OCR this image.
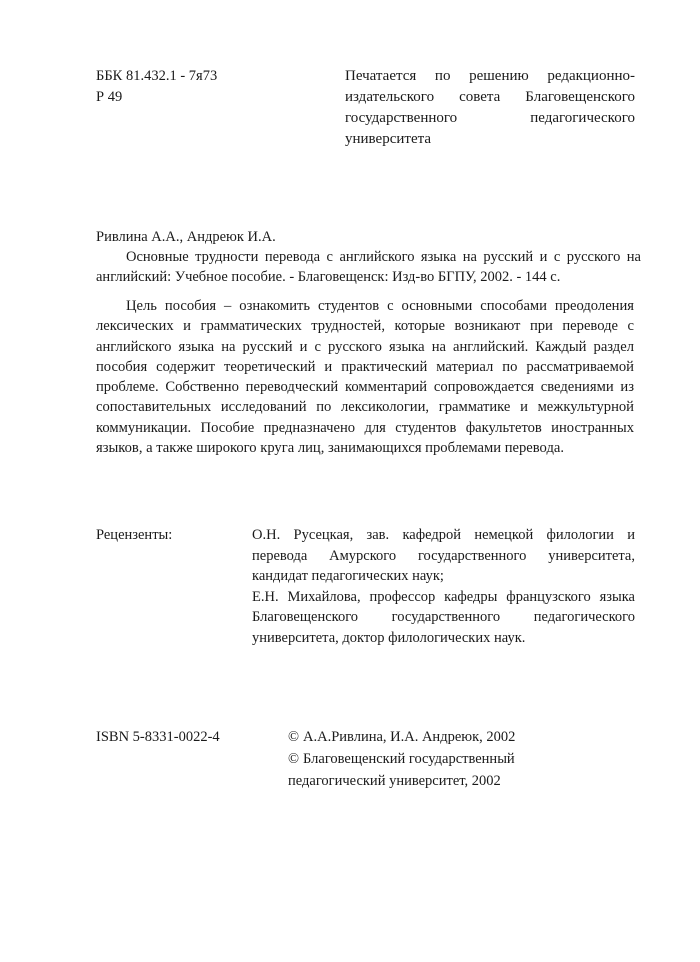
ББК 81.432.1 - 7я73
Р 49
Печатается по решению редакционно-издательского совета Благовещенского государственного педагогического университета
Ривлина А.А., Андреюк И.А.
Основные трудности перевода с английского языка на русский и с русского на английский: Учебное пособие. - Благовещенск: Изд-во БГПУ, 2002. - 144 с.
Цель пособия – ознакомить студентов с основными способами преодоления лексических и грамматических трудностей, которые возникают при переводе с английского языка на русский и с русского языка на английский. Каждый раздел пособия содержит теоретический и практический материал по рассматриваемой проблеме. Собственно переводческий комментарий сопровождается сведениями из сопоставительных исследований по лексикологии, грамматике и межкультурной коммуникации. Пособие предназначено для студентов факультетов иностранных языков, а также широкого круга лиц, занимающихся проблемами перевода.
Рецензенты:	О.Н. Русецкая, зав. кафедрой немецкой филологии и перевода Амурского государственного университета, кандидат педагогических наук;

Е.Н. Михайлова, профессор кафедры французского языка Благовещенского государственного педагогического университета, доктор филологических наук.

ISBN 5-8331-0022-4	© А.А.Ривлина, И.А. Андреюк, 2002
© Благовещенский государственный педагогический университет, 2002
